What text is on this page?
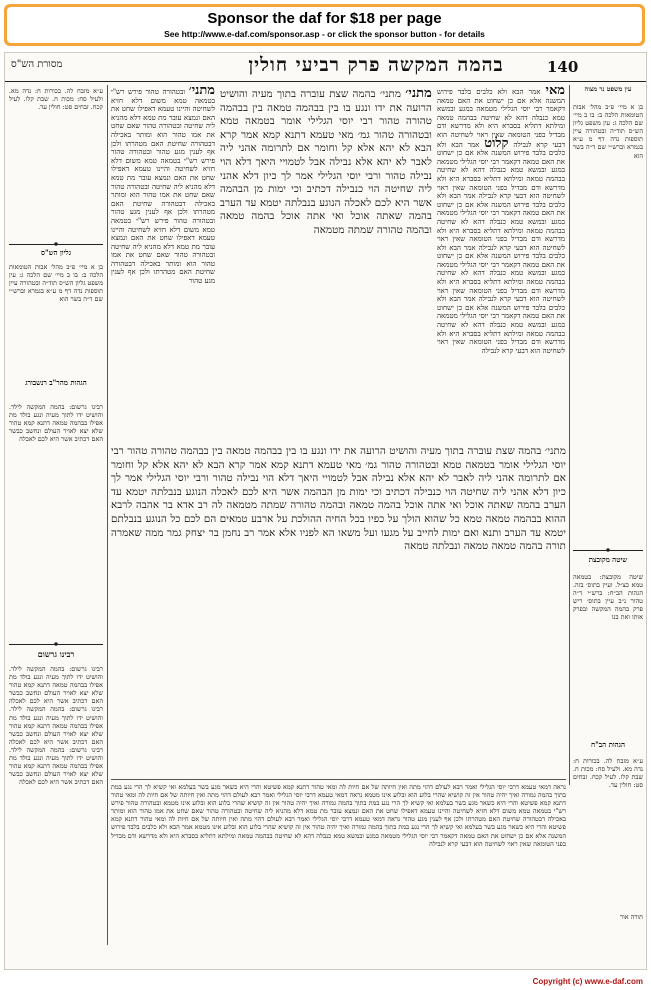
Sponsor the daf for $18 per page
See http://www.e-daf.com/sponsor.asp - or click the sponsor button - for details
140
בהמה המקשה פרק רביעי חולין
מסורת הש"ס
עין משפט נר מצוה
בן א מיי׳ פ״ב מהל׳ אבות הטומאות הלכה ב: בו ב מיי׳ שם הלכה ג: עין משפט גליון הש״ס תוד״ה ובטהורה עיין תוספות נדה דף מ ע״א בגמרא וברש״י שם ד״ה בשר הוא
שיטה מקובצת
שיטה מקובצת: בטמאה טמא כצ״ל. ועיין בתוס׳ בזה. הגהות הב״ח: ברש״י ד״ה טהור נ״ב עיין בתוס׳ ריש פרק בהמה המקשה ובפרק אותו ואת בנו
הגהות הב"ח
ע״א מזבח לה. בכורות ח: נדה מא. ולעיל סח: מכות ח. שבת קלו. לעיל קכח. זבחים סט: חולין עד.
מאי אמר הבא ולא כלבים בלבד פירוש המשנה אלא אם כן ישחוט את האם טמאה דקאמר רבי יוסי הגלילי מטמאה במגע ובמשא טמא כנבלה דהא לא שחיטה בבהמה טמאה ומילתא דתליא בסברא היא ולא מדרשא ודם מבדיל בפני הטומאה שאין ראוי לשחיטה הוא דבעי קרא לנבילה קלוט אמר הבא ולא כלבים בלבד פירוש המשנה אלא אם כן ישחוט את האם טמאה דקאמר רבי יוסי הגלילי מטמאה במגע ובמשא טמא כנבלה דהא לא שחיטה בבהמה טמאה ומילתא דתליא בסברא היא ולא מדרשא ודם מבדיל בפני הטומאה שאין ראוי לשחיטה הוא דבעי קרא לנבילה אמר הבא ולא כלבים בלבד פירוש המשנה אלא אם כן ישחוט את האם טמאה דקאמר רבי יוסי הגלילי מטמאה במגע ובמשא טמא כנבלה דהא לא שחיטה בבהמה טמאה ומילתא דתליא בסברא היא ולא מדרשא ודם מבדיל בפני הטומאה שאין ראוי לשחיטה הוא דבעי קרא לנבילה אמר הבא ולא כלבים בלבד פירוש המשנה אלא אם כן ישחוט את האם טמאה דקאמר רבי יוסי הגלילי מטמאה במגע ובמשא טמא כנבלה דהא לא שחיטה בבהמה טמאה ומילתא דתליא בסברא היא ולא מדרשא ודם מבדיל בפני הטומאה שאין ראוי לשחיטה הוא דבעי קרא לנבילה אמר הבא ולא כלבים בלבד פירוש המשנה אלא אם כן ישחוט את האם טמאה דקאמר רבי יוסי הגלילי מטמאה במגע ובמשא טמא כנבלה דהא לא שחיטה בבהמה טמאה ומילתא דתליא בסברא היא ולא מדרשא ודם מבדיל בפני הטומאה שאין ראוי לשחיטה הוא דבעי קרא לנבילה
מתני׳ מתני׳ בהמה שצת עוברה בתוך מעיה והושיט הרועה את ידו ונגע בו בין בבהמה טמאה בין בבהמה טהורה טהור רבי יוסי הגלילי אומר בטמאה טמא ובטהורה טהור גמ׳ מאי טעמא דתנא קמא אמר קרא הבא לא יהא אלא קל וחומר אם לתרומה אהני ליה לאבר לא יהא אלא נבילה אבל לטמויי היאך דלא הוי נבילה טהור ורבי יוסי הגלילי אמר לך כיון דלא אהני ליה שחיטה הוי כנבילה דכתיב וכי ימות מן הבהמה אשר היא לכם לאכלה הנוגע בנבלתה יטמא עד הערב בהמה שאתה אוכל ואי אתה אוכל בהמה טמאה ובהמה טהורה שמתה מטמאה
מתני׳ בהמה שצת עוברה בתוך מעיה והושיט הרועה את ידו ונגע בו בין בבהמה טמאה בין בבהמה טהורה טהור רבי יוסי הגלילי אומר בטמאה טמא ובטהורה טהור גמ׳ מאי טעמא דתנא קמא אמר קרא הבא לא יהא אלא קל וחומר אם לתרומה אהני ליה לאבר לא יהא אלא נבילה אבל לטמויי היאך דלא הוי נבילה טהור ורבי יוסי הגלילי אמר לך כיון דלא אהני ליה שחיטה הוי כנבילה דכתיב וכי ימות מן הבהמה אשר היא לכם לאכלה הנוגע בנבלתה יטמא עד הערב בהמה שאתה אוכל ואי אתה אוכל בהמה טמאה ובהמה טהורה שמתה מטמאה לה רב אדא בר אהבה לרבא ההוא בבהמה טמאה טמא כל שהוא הולך על כפיו בכל החיה ההולכת על ארבע טמאים הם לכם כל הנוגע בנבלתם יטמא עד הערב ותנא ואם ימות לחייב על מגעו ועל משאו הא לפניו אלא אמר רב נחמן בר יצחק גמר ממה שאמרה תורה בהמה טמאה טמאה ונבלתה טמאה
מתני׳ ובטהורה טהור פירש רש"י בטמאה טמא משום דלא חזיא לשחיטה והיינו טעמא דאפילו שחט את האם ונמצא עובר מת טמא דלא מהניא ליה שחיטה ובטהורה טהור שאם שחט את אמו טהור הוא ומותר באכילה דבטהורה שחיטת האם מטהרתו ולכן אף לענין מגע טהור ובטהורה טהור פירש רש"י בטמאה טמא משום דלא חזיא לשחיטה והיינו טעמא דאפילו שחט את האם ונמצא עובר מת טמא דלא מהניא ליה שחיטה ובטהורה טהור שאם שחט את אמו טהור הוא ומותר באכילה דבטהורה שחיטת האם מטהרתו ולכן אף לענין מגע טהור ובטהורה טהור פירש רש"י בטמאה טמא משום דלא חזיא לשחיטה והיינו טעמא דאפילו שחט את האם ונמצא עובר מת טמא דלא מהניא ליה שחיטה ובטהורה טהור שאם שחט את אמו טהור הוא ומותר באכילה דבטהורה שחיטת האם מטהרתו ולכן אף לענין מגע טהור
ע״א מזבח לה. בכורות ח: נדה מא. ולעיל סח: מכות ח. שבת קלו. לעיל קכח. זבחים סט: חולין עד.
גליון הש"ס
בן א מיי׳ פ״ב מהל׳ אבות הטומאות הלכה ב: בו ב מיי׳ שם הלכה ג: עין משפט גליון הש״ס תוד״ה ובטהורה עיין תוספות נדה דף מ ע״א בגמרא וברש״י שם ד״ה בשר הוא
הגהות מהר"ב רנשבורג
רבינו גרשום: בהמה המקשה לילד. והושיט ידו לתוך מעיה ונגע בולד מת אפילו בבהמה טמאה דתנא קמא טהור שלא יצא לאויר העולם ונחשב כבשר האם דכתיב אשר היא לכם לאכלה
רבינו גרשום
רבינו גרשום: בהמה המקשה לילד. והושיט ידו לתוך מעיה ונגע בולד מת אפילו בבהמה טמאה דתנא קמא טהור שלא יצא לאויר העולם ונחשב כבשר האם דכתיב אשר היא לכם לאכלה רבינו גרשום: בהמה המקשה לילד. והושיט ידו לתוך מעיה ונגע בולד מת אפילו בבהמה טמאה דתנא קמא טהור שלא יצא לאויר העולם ונחשב כבשר האם דכתיב אשר היא לכם לאכלה רבינו גרשום: בהמה המקשה לילד. והושיט ידו לתוך מעיה ונגע בולד מת אפילו בבהמה טמאה דתנא קמא טהור שלא יצא לאויר העולם ונחשב כבשר האם דכתיב אשר היא לכם לאכלה
נראה דמאי טעמא דרבי יוסי הגלילי ואמר רבא לעולם דהוי מתה ואין חיותה של אם חיות לה ומאי טהור דתנא קמא פשיטא והרי היא כשאר מגע בשר בעלמא ואי קשיא לך הרי נגע במת בתוך בהמה גמורה ואיך יהיה טהור אין זה קושיא שהרי בלוע הוא ובלוע אינו מטמא נראה דמאי טעמא דרבי יוסי הגלילי ואמר רבא לעולם דהוי מתה ואין חיותה של אם חיות לה ומאי טהור דתנא קמא פשיטא והרי היא כשאר מגע בשר בעלמא ואי קשיא לך הרי נגע במת בתוך בהמה גמורה ואיך יהיה טהור אין זה קושיא שהרי בלוע הוא ובלוע אינו מטמא ובטהורה טהור פירש רש"י בטמאה טמא משום דלא חזיא לשחיטה והיינו טעמא דאפילו שחט את האם ונמצא עובר מת טמא דלא מהניא ליה שחיטה ובטהורה טהור שאם שחט את אמו טהור הוא ומותר באכילה דבטהורה שחיטת האם מטהרתו ולכן אף לענין מגע טהור נראה דמאי טעמא דרבי יוסי הגלילי ואמר רבא לעולם דהוי מתה ואין חיותה של אם חיות לה ומאי טהור דתנא קמא פשיטא והרי היא כשאר מגע בשר בעלמא ואי קשיא לך הרי נגע במת בתוך בהמה גמורה ואיך יהיה טהור אין זה קושיא שהרי בלוע הוא ובלוע אינו מטמא אמר הבא ולא כלבים בלבד פירוש המשנה אלא אם כן ישחוט את האם טמאה דקאמר רבי יוסי הגלילי מטמאה במגע ובמשא טמא כנבלה דהא לא שחיטה בבהמה טמאה ומילתא דתליא בסברא היא ולא מדרשא ודם מבדיל בפני הטומאה שאין ראוי לשחיטה הוא דבעי קרא לנבילה
תורה אור
Copyright (c) www.e-daf.com
